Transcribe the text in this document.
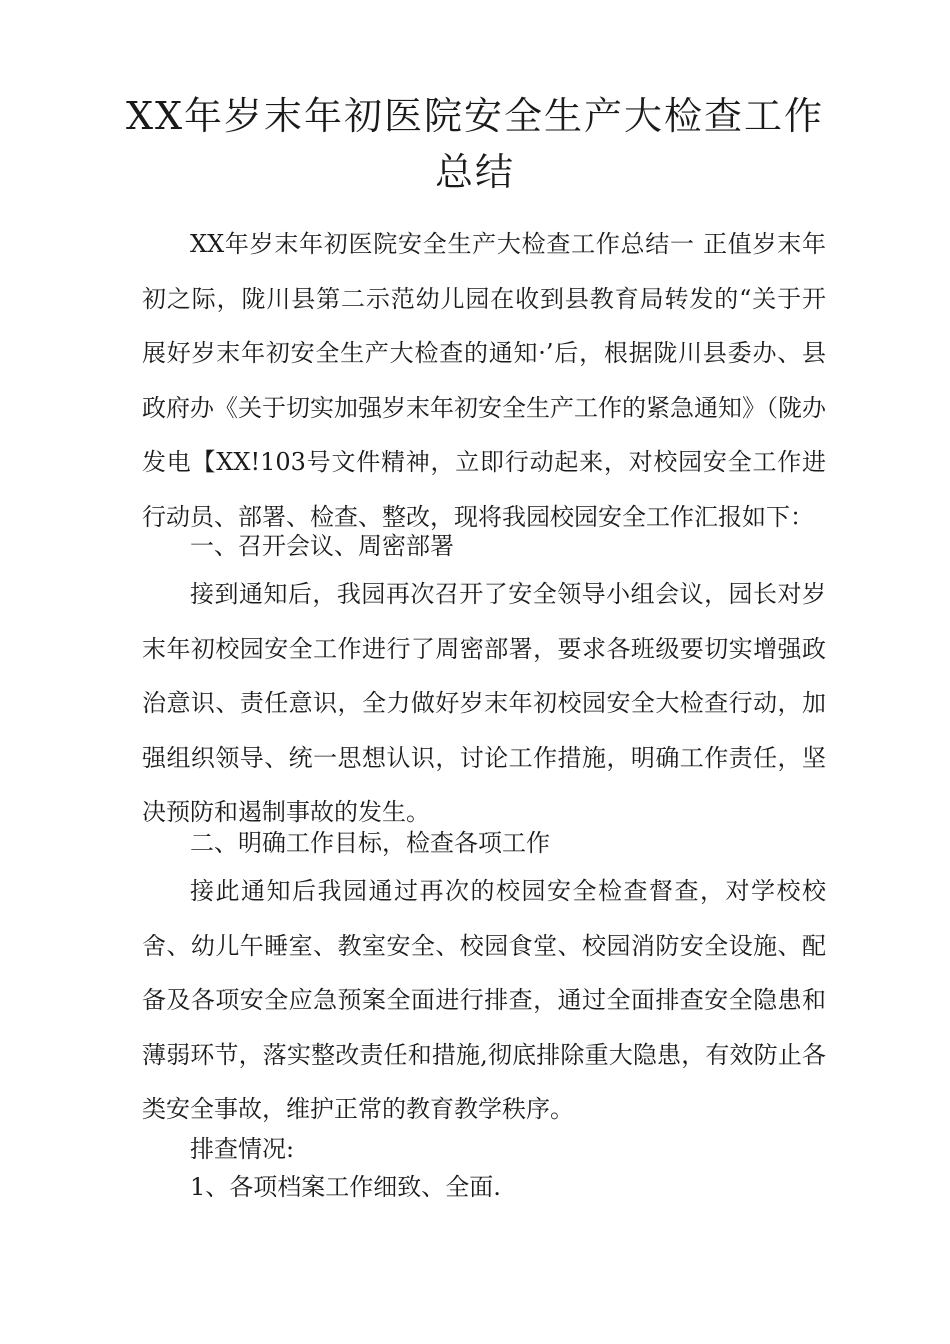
XX年岁末年初医院安全生产大检查工作
总结

XX年岁末年初医院安全生产大检查工作总结一 正值岁末年初之际，陇川县第二示范幼儿园在收到县教育局转发的“关于开展好岁末年初安全生产大检查的通知·’后，根据陇川县委办、县政府办《关于切实加强岁末年初安全生产工作的紧急通知》（陇办发电【XX!103号文件精神，立即行动起来，对校园安全工作进行动员、部署、检查、整改，现将我园校园安全工作汇报如下：

一、召开会议、周密部署

接到通知后，我园再次召开了安全领导小组会议，园长对岁末年初校园安全工作进行了周密部署，要求各班级要切实增强政治意识、责任意识，全力做好岁末年初校园安全大检查行动，加强组织领导、统一思想认识，讨论工作措施，明确工作责任，坚决预防和遏制事故的发生。

二、明确工作目标，检查各项工作

接此通知后我园通过再次的校园安全检查督查，对学校校舍、幼儿午睡室、教室安全、校园食堂、校园消防安全设施、配备及各项安全应急预案全面进行排查，通过全面排查安全隐患和薄弱环节，落实整改责任和措施,彻底排除重大隐患，有效防止各类安全事故，维护正常的教育教学秩序。

排查情况:

1、各项档案工作细致、全面.
